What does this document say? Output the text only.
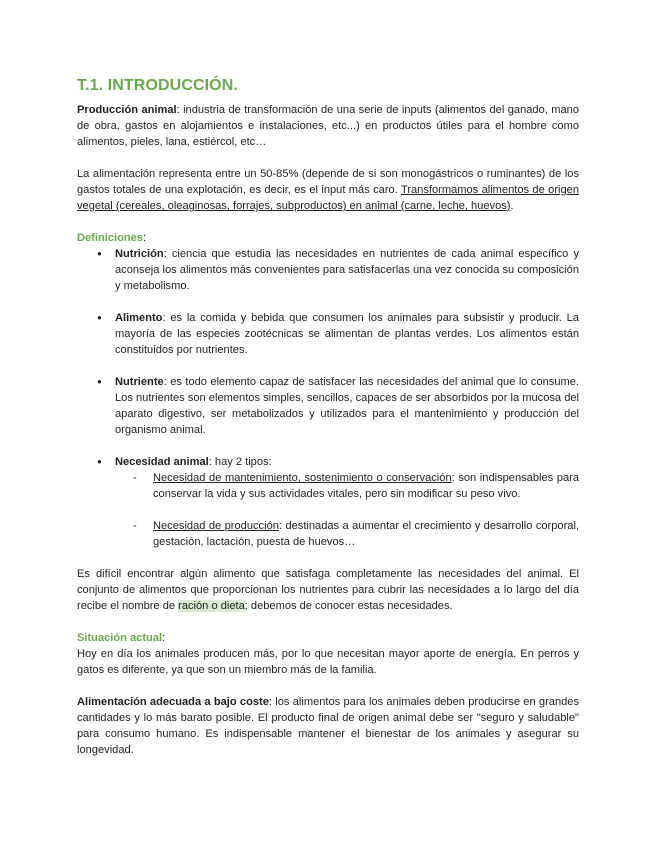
T.1. INTRODUCCIÓN.

Producción animal: industria de transformación de una serie de inputs (alimentos del ganado, mano de obra, gastos en alojamientos e instalaciones, etc...) en productos útiles para el hombre como alimentos, pieles, lana, estiércol, etc…

La alimentación representa entre un 50-85% (depende de si son monogástricos o ruminantes) de los gastos totales de una explotación, es decir, es el input más caro. Transformamos alimentos de origen vegetal (cereales, oleaginosas, forrajes, subproductos) en animal (carne, leche, huevos).

Definiciones:
● Nutrición: ciencia que estudia las necesidades en nutrientes de cada animal específico y aconseja los alimentos más convenientes para satisfacerlas una vez conocida su composición y metabolismo.
● Alimento: es la comida y bebida que consumen los animales para subsistir y producir. La mayoría de las especies zootécnicas se alimentan de plantas verdes. Los alimentos están constituidos por nutrientes.
● Nutriente: es todo elemento capaz de satisfacer las necesidades del animal que lo consume. Los nutrientes son elementos simples, sencillos, capaces de ser absorbidos por la mucosa del aparato digestivo, ser metabolizados y utilizados para el mantenimiento y producción del organismo animal.
● Necesidad animal: hay 2 tipos:
- Necesidad de mantenimiento, sostenimiento o conservación: son indispensables para conservar la vida y sus actividades vitales, pero sin modificar su peso vivo.
- Necesidad de producción: destinadas a aumentar el crecimiento y desarrollo corporal, gestación, lactación, puesta de huevos…

Es difícil encontrar algún alimento que satisfaga completamente las necesidades del animal. El conjunto de alimentos que proporcionan los nutrientes para cubrir las necesidades a lo largo del día recibe el nombre de ración o dieta; debemos de conocer estas necesidades.

Situación actual:

Hoy en día los animales producen más, por lo que necesitan mayor aporte de energía. En perros y gatos es diferente, ya que son un miembro más de la familia.

Alimentación adecuada a bajo coste: los alimentos para los animales deben producirse en grandes cantidades y lo más barato posible. El producto final de origen animal debe ser "seguro y saludable" para consumo humano. Es indispensable mantener el bienestar de los animales y asegurar su longevidad.
